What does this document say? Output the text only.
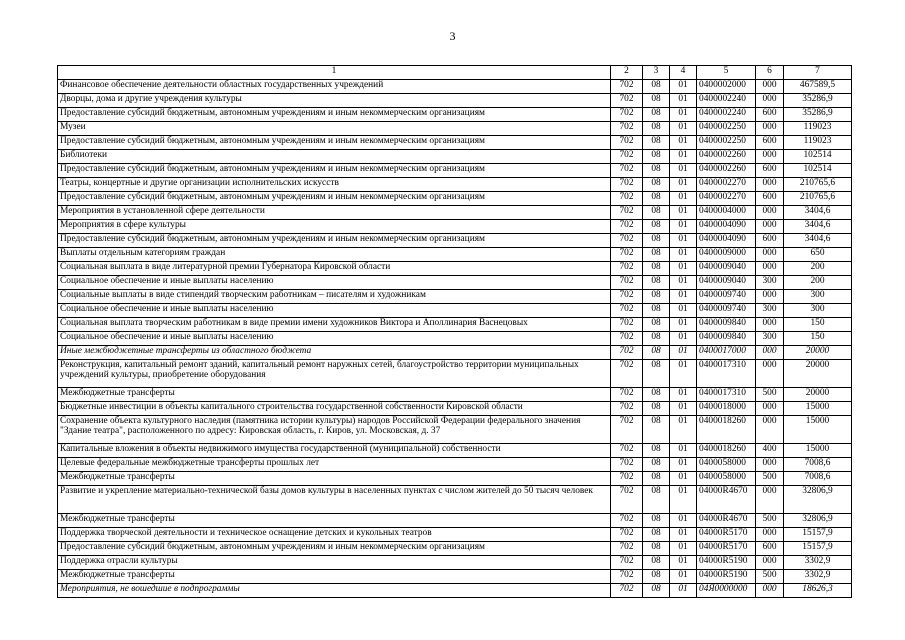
3
1	2	3	4	5	6	7
Финансовое обеспечение деятельности областных государственных учреждений	702	08	01	0400002000	000	467589,5
Дворцы, дома и другие учреждения культуры	702	08	01	0400002240	000	35286,9
Предоставление субсидий бюджетным, автономным учреждениям и иным некоммерческим организациям	702	08	01	0400002240	600	35286,9
Музеи	702	08	01	0400002250	000	119023
Предоставление субсидий бюджетным, автономным учреждениям и иным некоммерческим организациям	702	08	01	0400002250	600	119023
Библиотеки	702	08	01	0400002260	000	102514
Предоставление субсидий бюджетным, автономным учреждениям и иным некоммерческим организациям	702	08	01	0400002260	600	102514
Театры, концертные и другие организации исполнительских искусств	702	08	01	0400002270	000	210765,6
Предоставление субсидий бюджетным, автономным учреждениям и иным некоммерческим организациям	702	08	01	0400002270	600	210765,6
Мероприятия в установленной сфере деятельности	702	08	01	0400004000	000	3404,6
Мероприятия в сфере культуры	702	08	01	0400004090	000	3404,6
Предоставление субсидий бюджетным, автономным учреждениям и иным некоммерческим организациям	702	08	01	0400004090	600	3404,6
Выплаты отдельным категориям граждан	702	08	01	0400009000	000	650
Социальная выплата в виде литературной премии Губернатора Кировской области	702	08	01	0400009040	000	200
Социальное обеспечение и иные выплаты населению	702	08	01	0400009040	300	200
Социальные выплаты в виде стипендий творческим работникам – писателям и художникам	702	08	01	0400009740	000	300
Социальное обеспечение и иные выплаты населению	702	08	01	0400009740	300	300
Социальная выплата творческим работникам в виде премии имени художников Виктора и Аполлинария Васнецовых	702	08	01	0400009840	000	150
Социальное обеспечение и иные выплаты населению	702	08	01	0400009840	300	150
Иные межбюджетные трансферты из областного бюджета	702	08	01	0400017000	000	20000
Реконструкция, капитальный ремонт зданий, капитальный ремонт наружных сетей, благоустройство территории муниципальных учреждений культуры, приобретение оборудования	702	08	01	0400017310	000	20000
Межбюджетные трансферты	702	08	01	0400017310	500	20000
Бюджетные инвестиции в объекты капитального строительства государственной собственности Кировской области	702	08	01	0400018000	000	15000
Сохранение объекта культурного наследия (памятника истории культуры) народов Российской Федерации федерального значения "Здание театра", расположенного по адресу: Кировская область, г. Киров, ул. Московская, д. 37	702	08	01	0400018260	000	15000
Капитальные вложения в объекты недвижимого имущества государственной (муниципальной) собственности	702	08	01	0400018260	400	15000
Целевые федеральные межбюджетные трансферты прошлых лет	702	08	01	0400058000	000	7008,6
Межбюджетные трансферты	702	08	01	0400058000	500	7008,6
Развитие и укрепление материально-технической базы домов культуры в населенных пунктах с числом жителей до 50 тысяч человек	702	08	01	04000R4670	000	32806,9
Межбюджетные трансферты	702	08	01	04000R4670	500	32806,9
Поддержка творческой деятельности и техническое оснащение детских и кукольных театров	702	08	01	04000R5170	000	15157,9
Предоставление субсидий бюджетным, автономным учреждениям и иным некоммерческим организациям	702	08	01	04000R5170	600	15157,9
Поддержка отрасли культуры	702	08	01	04000R5190	000	3302,9
Межбюджетные трансферты	702	08	01	04000R5190	500	3302,9
Мероприятия, не вошедшие в подпрограммы	702	08	01	04Я0000000	000	18626,3
